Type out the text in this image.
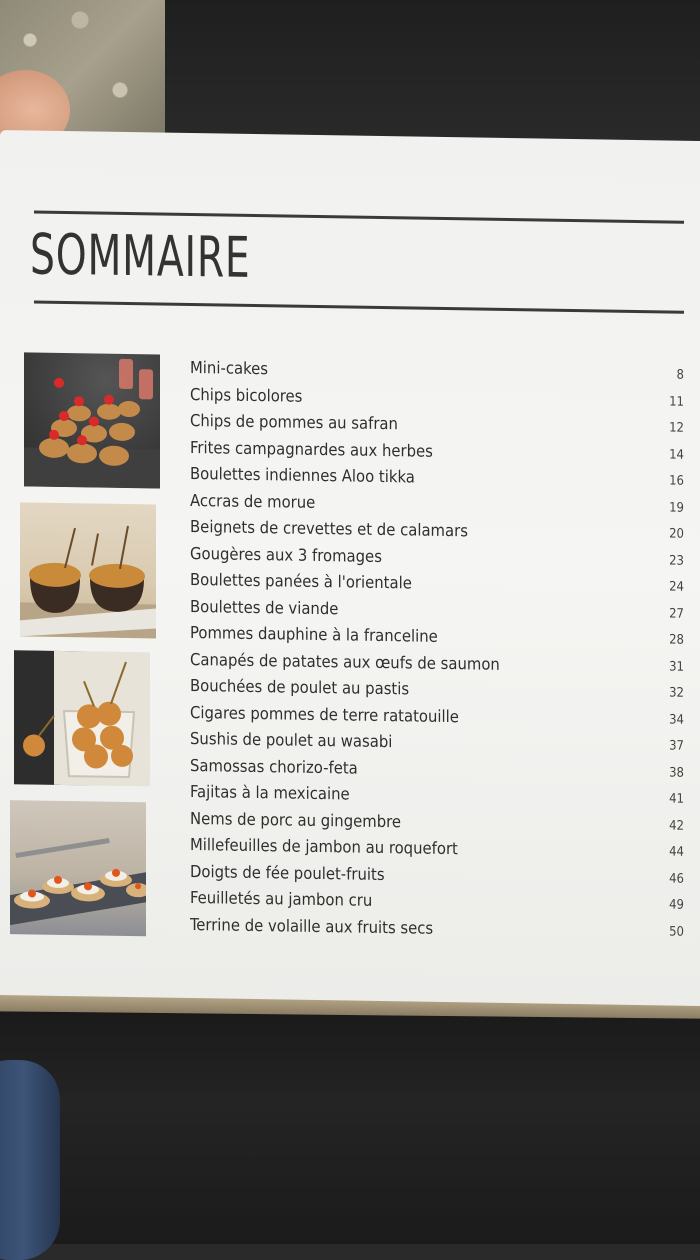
SOMMAIRE
Mini-cakes	8
Chips bicolores	11
Chips de pommes au safran	12
Frites campagnardes aux herbes	14
Boulettes indiennes Aloo tikka	16
Accras de morue	19
Beignets de crevettes et de calamars	20
Gougères aux 3 fromages	23
Boulettes panées à l'orientale	24
Boulettes de viande	27
Pommes dauphine à la franceline	28
Canapés de patates aux œufs de saumon	31
Bouchées de poulet au pastis	32
Cigares pommes de terre ratatouille	34
Sushis de poulet au wasabi	37
Samossas chorizo-feta	38
Fajitas à la mexicaine	41
Nems de porc au gingembre	42
Millefeuilles de jambon au roquefort	44
Doigts de fée poulet-fruits	46
Feuilletés au jambon cru	49
Terrine de volaille aux fruits secs	50
